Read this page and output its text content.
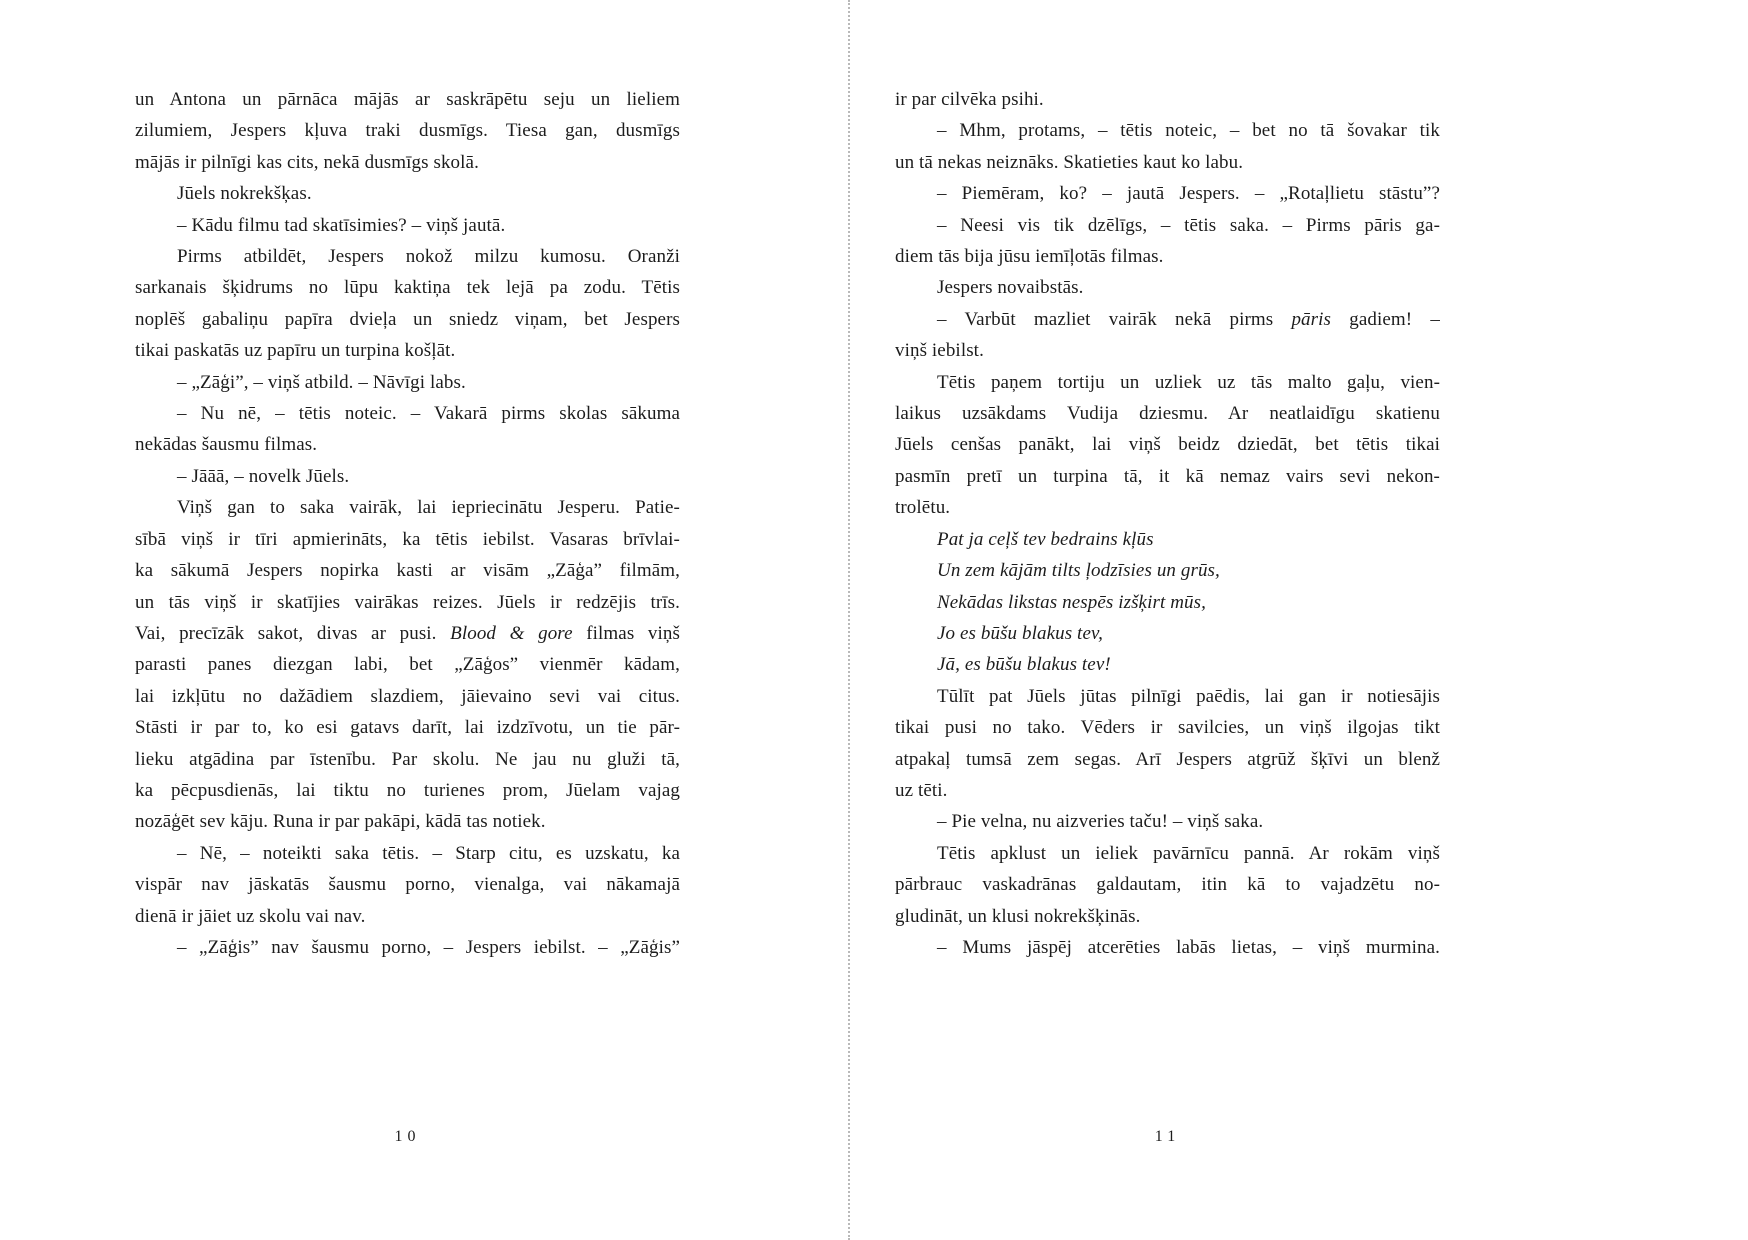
un Antona un pārnāca mājās ar saskrāpētu seju un lieliem
zilumiem, Jespers kļuva traki dusmīgs. Tiesa gan, dusmīgs
mājās ir pilnīgi kas cits, nekā dusmīgs skolā.
Jūels nokrekšķas.
– Kādu filmu tad skatīsimies? – viņš jautā.
Pirms atbildēt, Jespers nokož milzu kumosu. Oranži
sarkanais šķidrums no lūpu kaktiņa tek lejā pa zodu. Tētis
noplēš gabaliņu papīra dvieļa un sniedz viņam, bet Jespers
tikai paskatās uz papīru un turpina košļāt.
– „Zāģi”, – viņš atbild. – Nāvīgi labs.
– Nu nē, – tētis noteic. – Vakarā pirms skolas sākuma
nekādas šausmu filmas.
– Jāāā, – novelk Jūels.
Viņš gan to saka vairāk, lai iepriecinātu Jesperu. Patie-
sībā viņš ir tīri apmierināts, ka tētis iebilst. Vasaras brīvlai-
ka sākumā Jespers nopirka kasti ar visām „Zāģa” filmām,
un tās viņš ir skatījies vairākas reizes. Jūels ir redzējis trīs.
Vai, precīzāk sakot, divas ar pusi. Blood & gore filmas viņš
parasti panes diezgan labi, bet „Zāģos” vienmēr kādam,
lai izkļūtu no dažādiem slazdiem, jāievaino sevi vai citus.
Stāsti ir par to, ko esi gatavs darīt, lai izdzīvotu, un tie pār-
lieku atgādina par īstenību. Par skolu. Ne jau nu gluži tā,
ka pēcpusdienās, lai tiktu no turienes prom, Jūelam vajag
nozāģēt sev kāju. Runa ir par pakāpi, kādā tas notiek.
– Nē, – noteikti saka tētis. – Starp citu, es uzskatu, ka
vispār nav jāskatās šausmu porno, vienalga, vai nākamajā
dienā ir jāiet uz skolu vai nav.
– „Zāģis” nav šausmu porno, – Jespers iebilst. – „Zāģis”
ir par cilvēka psihi.
– Mhm, protams, – tētis noteic, – bet no tā šovakar tik
un tā nekas neiznāks. Skatieties kaut ko labu.
– Piemēram, ko? – jautā Jespers. – „Rotaļlietu stāstu”?
– Neesi vis tik dzēlīgs, – tētis saka. – Pirms pāris ga-
diem tās bija jūsu iemīļotās filmas.
Jespers novaibstās.
– Varbūt mazliet vairāk nekā pirms pāris gadiem! –
viņš iebilst.
Tētis paņem tortiju un uzliek uz tās malto gaļu, vien-
laikus uzsākdams Vudija dziesmu. Ar neatlaidīgu skatienu
Jūels cenšas panākt, lai viņš beidz dziedāt, bet tētis tikai
pasmīn pretī un turpina tā, it kā nemaz vairs sevi nekon-
trolētu.
Pat ja ceļš tev bedrains kļūs
Un zem kājām tilts ļodzīsies un grūs,
Nekādas likstas nespēs izšķirt mūs,
Jo es būšu blakus tev,
Jā, es būšu blakus tev!
Tūlīt pat Jūels jūtas pilnīgi paēdis, lai gan ir notiesājis
tikai pusi no tako. Vēders ir savilcies, un viņš ilgojas tikt
atpakaļ tumsā zem segas. Arī Jespers atgrūž šķīvi un blenž
uz tēti.
– Pie velna, nu aizveries taču! – viņš saka.
Tētis apklust un ieliek pavārnīcu pannā. Ar rokām viņš
pārbrauc vaskadrānas galdautam, itin kā to vajadzētu no-
gludināt, un klusi nokrekšķinās.
– Mums jāspēj atcerēties labās lietas, – viņš murmina.
10	11
